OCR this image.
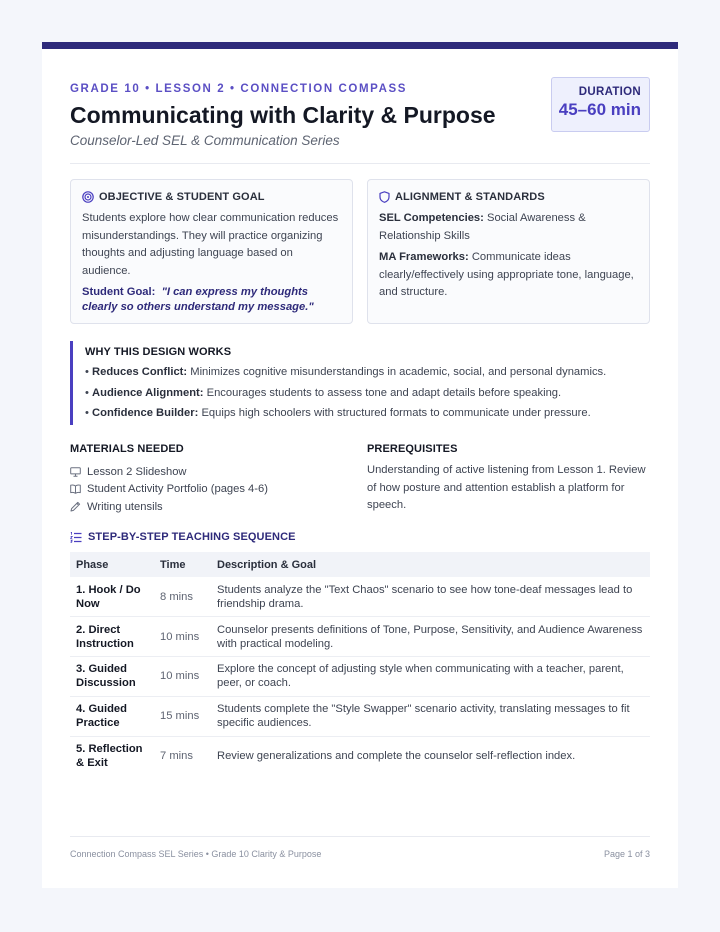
GRADE 10 • LESSON 2 • CONNECTION COMPASS
Communicating with Clarity & Purpose
Counselor-Led SEL & Communication Series
DURATION
45–60 min
OBJECTIVE & STUDENT GOAL

Students explore how clear communication reduces misunderstandings. They will practice organizing thoughts and adjusting language based on audience.

Student Goal: "I can express my thoughts clearly so others understand my message."
ALIGNMENT & STANDARDS

SEL Competencies: Social Awareness & Relationship Skills

MA Frameworks: Communicate ideas clearly/effectively using appropriate tone, language, and structure.

WHY THIS DESIGN WORKS
• Reduces Conflict: Minimizes cognitive misunderstandings in academic, social, and personal dynamics.
• Audience Alignment: Encourages students to assess tone and adapt details before speaking.
• Confidence Builder: Equips high schoolers with structured formats to communicate under pressure.
MATERIALS NEEDED
Lesson 2 Slideshow
Student Activity Portfolio (pages 4-6)
Writing utensils
PREREQUISITES

Understanding of active listening from Lesson 1. Review of how posture and attention establish a platform for speech.

STEP-BY-STEP TEACHING SEQUENCE
Phase	Time	Description & Goal
1. Hook / Do Now	8 mins	Students analyze the "Text Chaos" scenario to see how tone-deaf messages lead to friendship drama.
2. Direct Instruction	10 mins	Counselor presents definitions of Tone, Purpose, Sensitivity, and Audience Awareness with practical modeling.
3. Guided Discussion	10 mins	Explore the concept of adjusting style when communicating with a teacher, parent, peer, or coach.
4. Guided Practice	15 mins	Students complete the "Style Swapper" scenario activity, translating messages to fit specific audiences.
5. Reflection & Exit	7 mins	Review generalizations and complete the counselor self-reflection index.
Connection Compass SEL Series • Grade 10 Clarity & Purpose	Page 1 of 3
